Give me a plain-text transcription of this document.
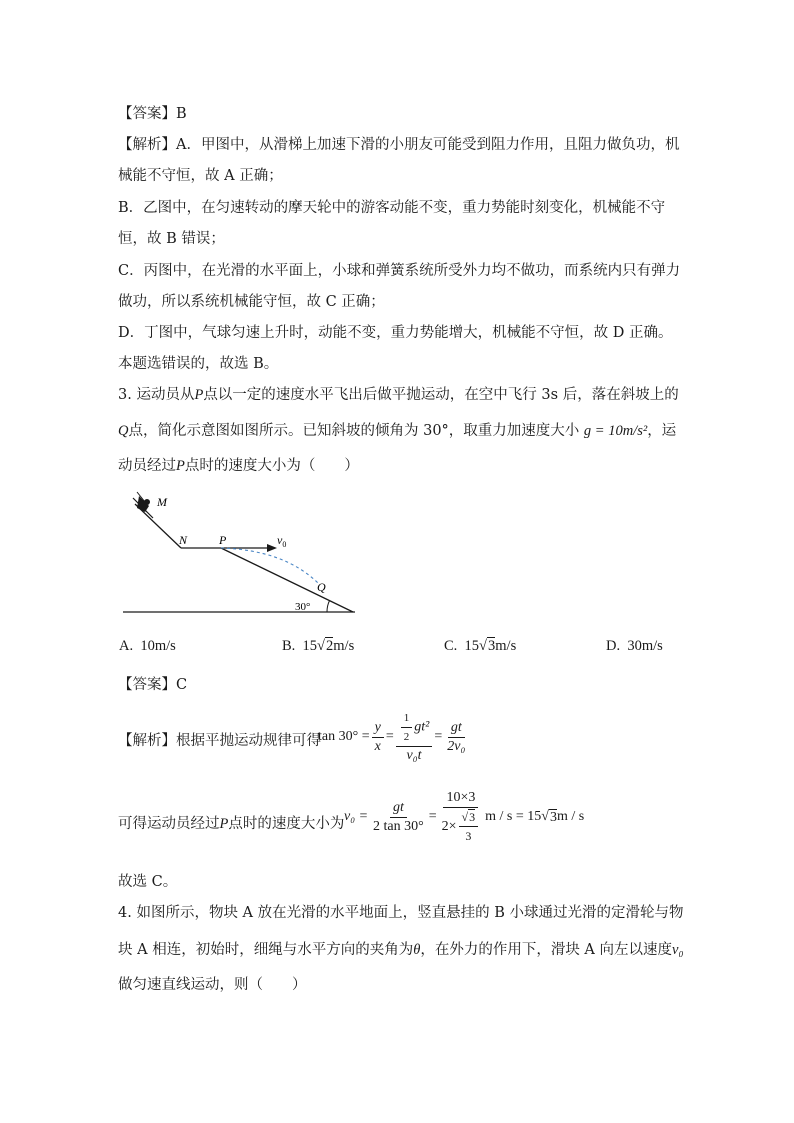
【答案】B
【解析】A．甲图中，从滑梯上加速下滑的小朋友可能受到阻力作用，且阻力做负功，机
械能不守恒，故 A 正确；
B．乙图中，在匀速转动的摩天轮中的游客动能不变，重力势能时刻变化，机械能不守
恒，故 B 错误；
C．丙图中，在光滑的水平面上，小球和弹簧系统所受外力均不做功，而系统内只有弹力
做功，所以系统机械能守恒，故 C 正确；
D．丁图中，气球匀速上升时，动能不变，重力势能增大，机械能不守恒，故 D 正确。
本题选错误的，故选 B。
3. 运动员从P点以一定的速度水平飞出后做平抛运动，在空中飞行 3s 后，落在斜坡上的
Q点，简化示意图如图所示。已知斜坡的倾角为 30°，取重力加速度大小 g = 10m/s²，运
动员经过P点时的速度大小为（　　）
M
N	P	$v_0$
Q
30°
A. 10m/s	B. 15√2m/s	C. 15√3m/s	D. 30m/s
【答案】C
【解析】根据平抛运动规律可得
$\tan 30^\circ = \frac{y}{x} = \frac{\frac{1}{2} gt^2}{\text{v₀t}} = \frac{gt}{\text{2v₀}}$
可得运动员经过P点时的速度大小为 $v_0 = \frac{gt}{2 \tan 30^\circ} = \frac{10\times 3}{2\times \frac{√3}{3}}$ m / s = 15 √ 3 m / s
故选 C。
4. 如图所示，物块 A 放在光滑的水平地面上，竖直悬挂的 B 小球通过光滑的定滑轮与物
块 A 相连，初始时，细绳与水平方向的夹角为θ，在外力的作用下，滑块 A 向左以速度v₀
做匀速直线运动，则（　　）
